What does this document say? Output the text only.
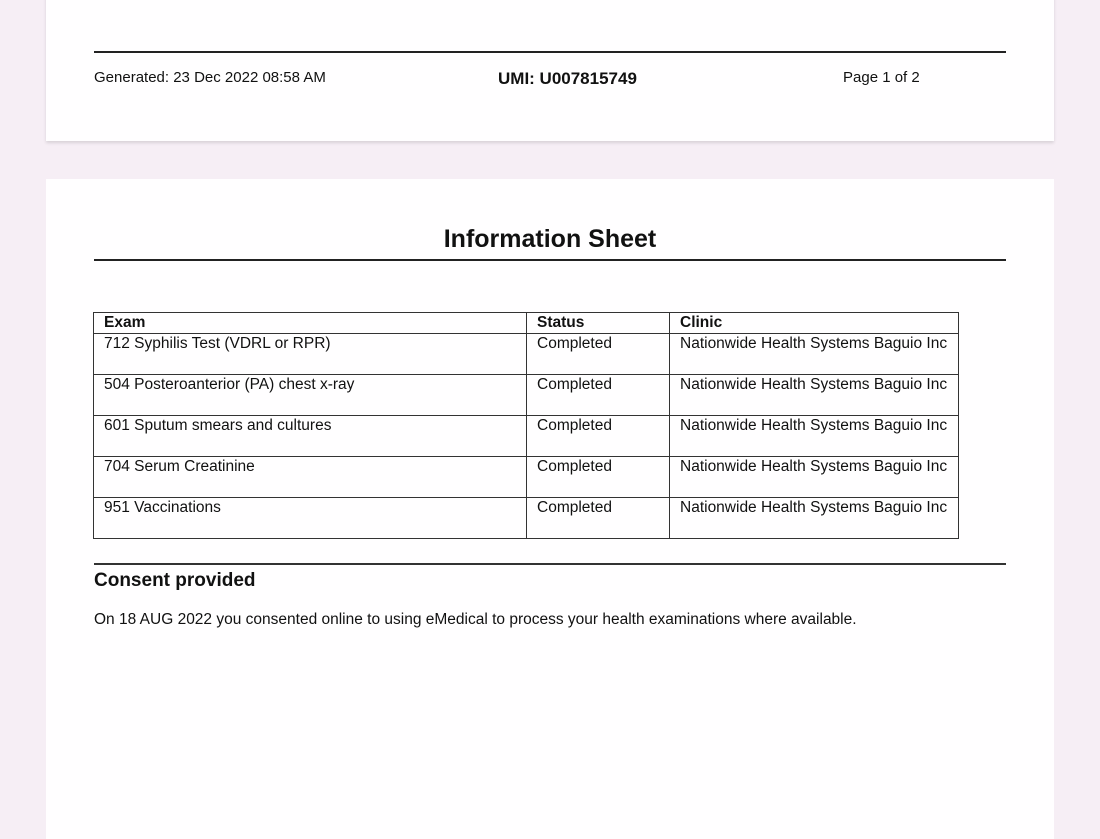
Generated: 23 Dec 2022 08:58 AM	UMI: U007815749	Page 1 of 2
Information Sheet
Exam	Status	Clinic
712 Syphilis Test (VDRL or RPR)	Completed	Nationwide Health Systems Baguio Inc
504 Posteroanterior (PA) chest x-ray	Completed	Nationwide Health Systems Baguio Inc
601 Sputum smears and cultures	Completed	Nationwide Health Systems Baguio Inc
704 Serum Creatinine	Completed	Nationwide Health Systems Baguio Inc
951 Vaccinations	Completed	Nationwide Health Systems Baguio Inc
Consent provided
On 18 AUG 2022 you consented online to using eMedical to process your health examinations where available.
